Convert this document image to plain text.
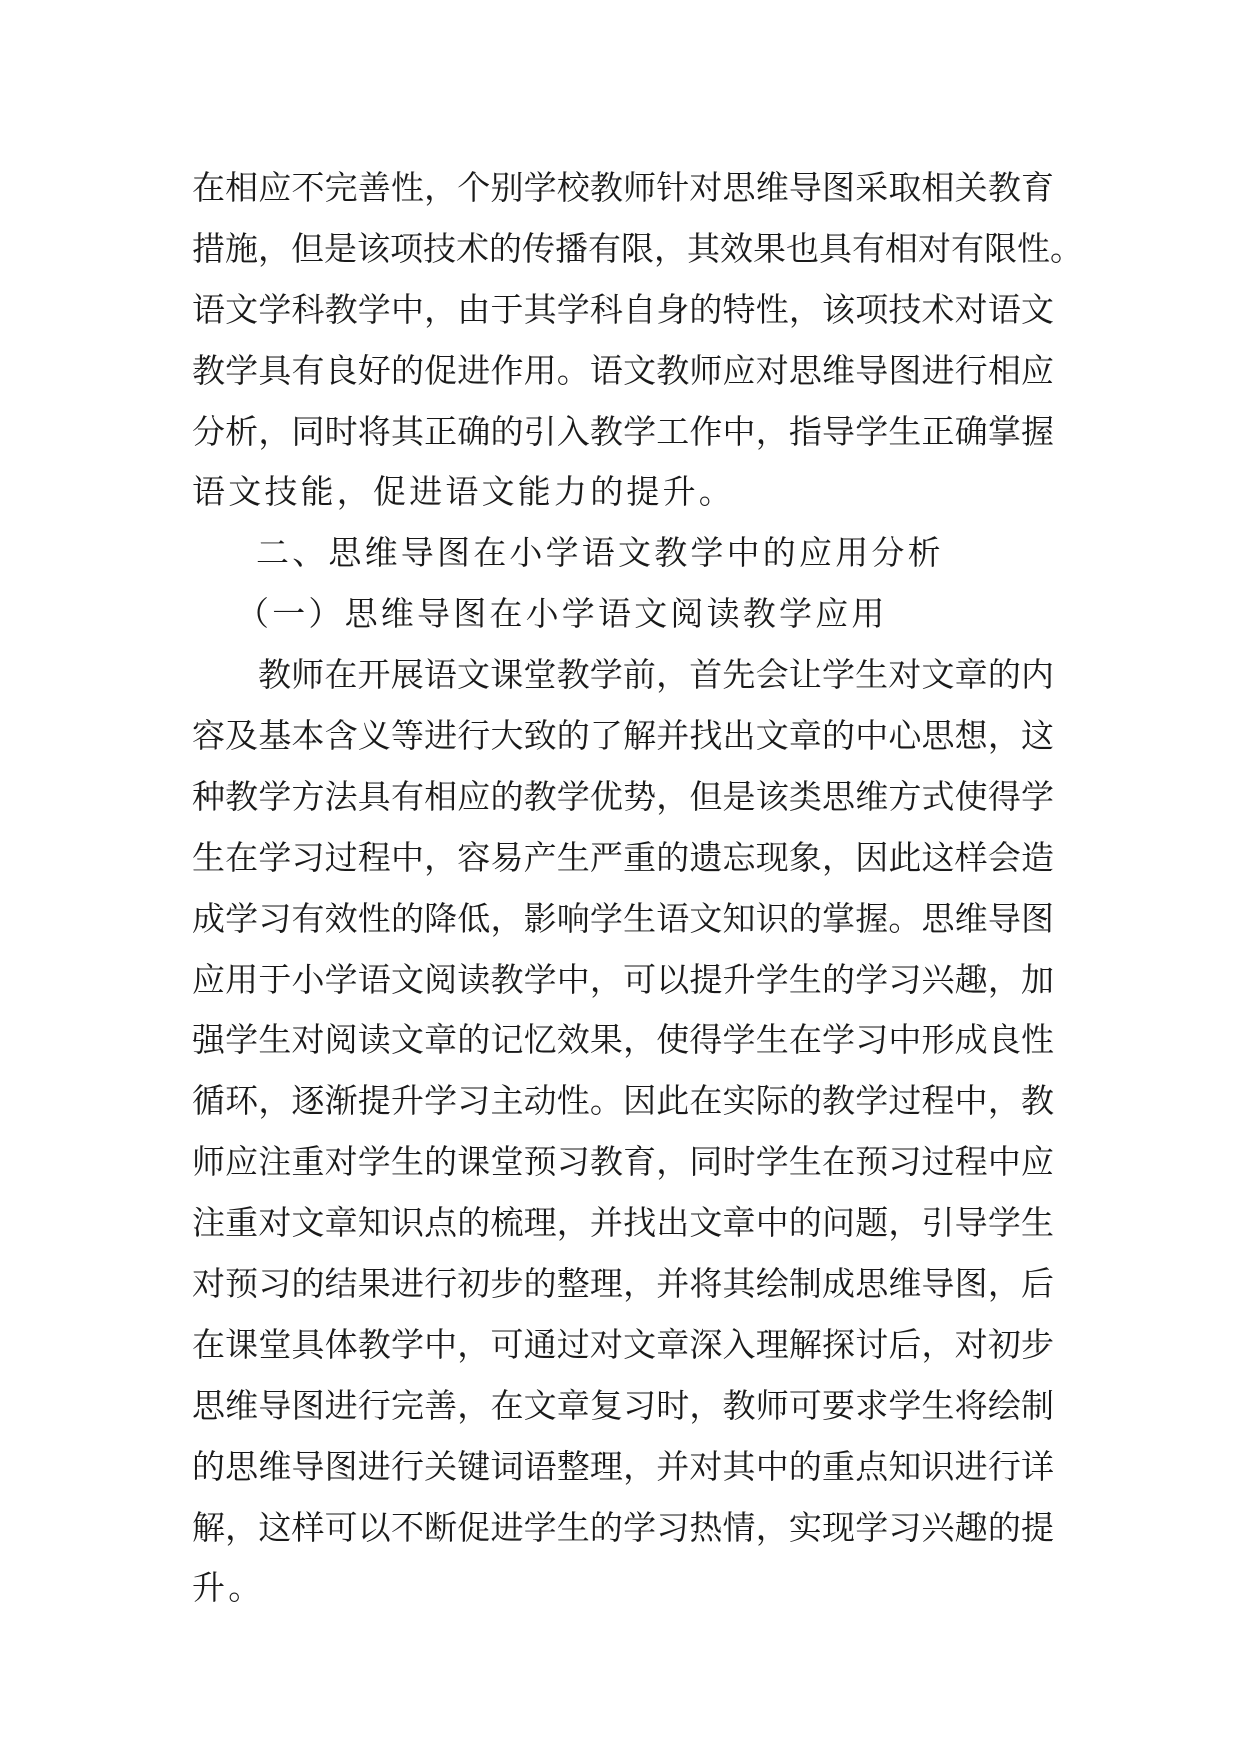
在相应不完善性，个别学校教师针对思维导图采取相关教育

措施，但是该项技术的传播有限，其效果也具有相对有限性。

语文学科教学中，由于其学科自身的特性，该项技术对语文

教学具有良好的促进作用。语文教师应对思维导图进行相应

分析，同时将其正确的引入教学工作中，指导学生正确掌握

语文技能，促进语文能力的提升。

二、思维导图在小学语文教学中的应用分析

（一）思维导图在小学语文阅读教学应用

教师在开展语文课堂教学前，首先会让学生对文章的内

容及基本含义等进行大致的了解并找出文章的中心思想，这

种教学方法具有相应的教学优势，但是该类思维方式使得学

生在学习过程中，容易产生严重的遗忘现象，因此这样会造

成学习有效性的降低，影响学生语文知识的掌握。思维导图

应用于小学语文阅读教学中，可以提升学生的学习兴趣，加

强学生对阅读文章的记忆效果，使得学生在学习中形成良性

循环，逐渐提升学习主动性。因此在实际的教学过程中，教

师应注重对学生的课堂预习教育，同时学生在预习过程中应

注重对文章知识点的梳理，并找出文章中的问题，引导学生

对预习的结果进行初步的整理，并将其绘制成思维导图，后

在课堂具体教学中，可通过对文章深入理解探讨后，对初步

思维导图进行完善，在文章复习时，教师可要求学生将绘制

的思维导图进行关键词语整理，并对其中的重点知识进行详

解，这样可以不断促进学生的学习热情，实现学习兴趣的提

升。
